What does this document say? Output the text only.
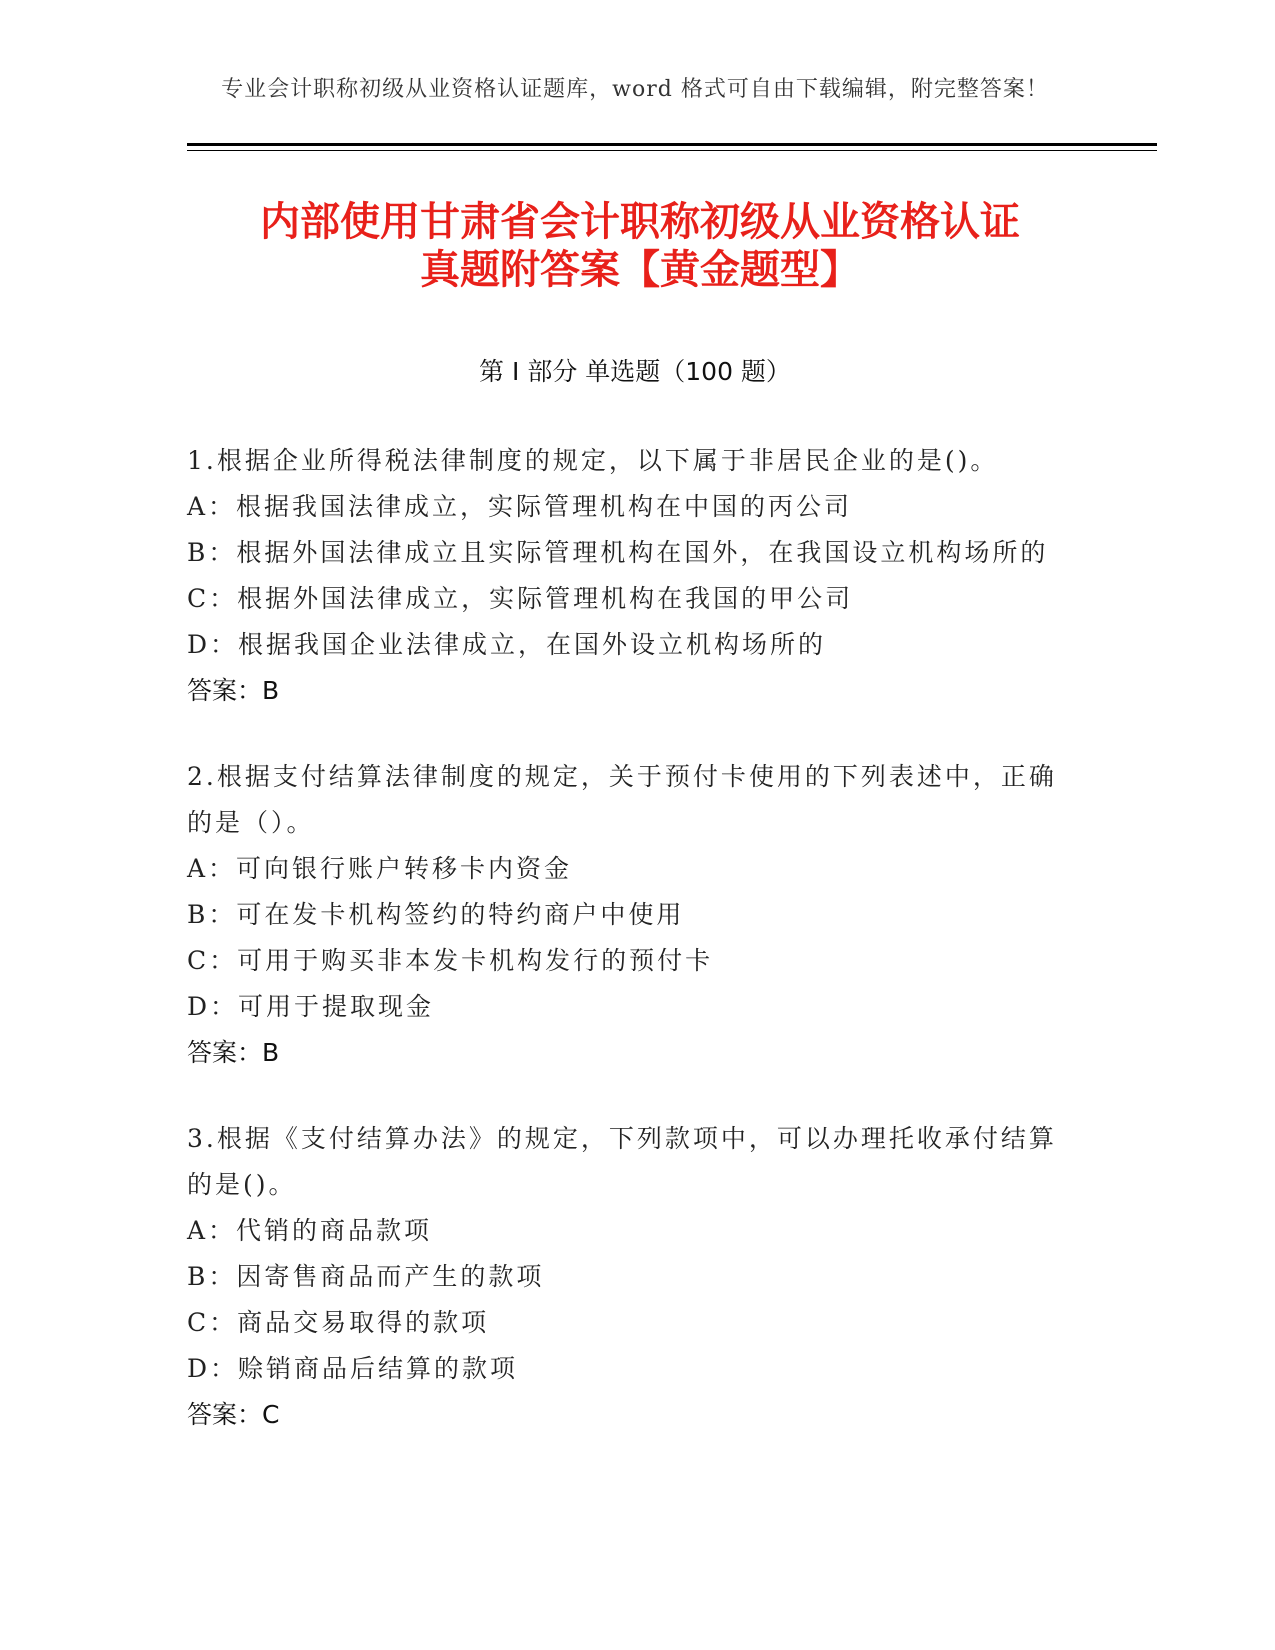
专业会计职称初级从业资格认证题库，word 格式可自由下载编辑，附完整答案！
内部使用甘肃省会计职称初级从业资格认证
真题附答案【黄金题型】
第 I 部分 单选题（100 题）
1.根据企业所得税法律制度的规定，以下属于非居民企业的是()。
A：根据我国法律成立，实际管理机构在中国的丙公司
B：根据外国法律成立且实际管理机构在国外，在我国设立机构场所的
C：根据外国法律成立，实际管理机构在我国的甲公司
D：根据我国企业法律成立，在国外设立机构场所的
答案：B
2.根据支付结算法律制度的规定，关于预付卡使用的下列表述中，正确的是（）。
A：可向银行账户转移卡内资金
B：可在发卡机构签约的特约商户中使用
C：可用于购买非本发卡机构发行的预付卡
D：可用于提取现金
答案：B
3.根据《支付结算办法》的规定，下列款项中，可以办理托收承付结算的是()。
A：代销的商品款项
B：因寄售商品而产生的款项
C：商品交易取得的款项
D：赊销商品后结算的款项
答案：C
